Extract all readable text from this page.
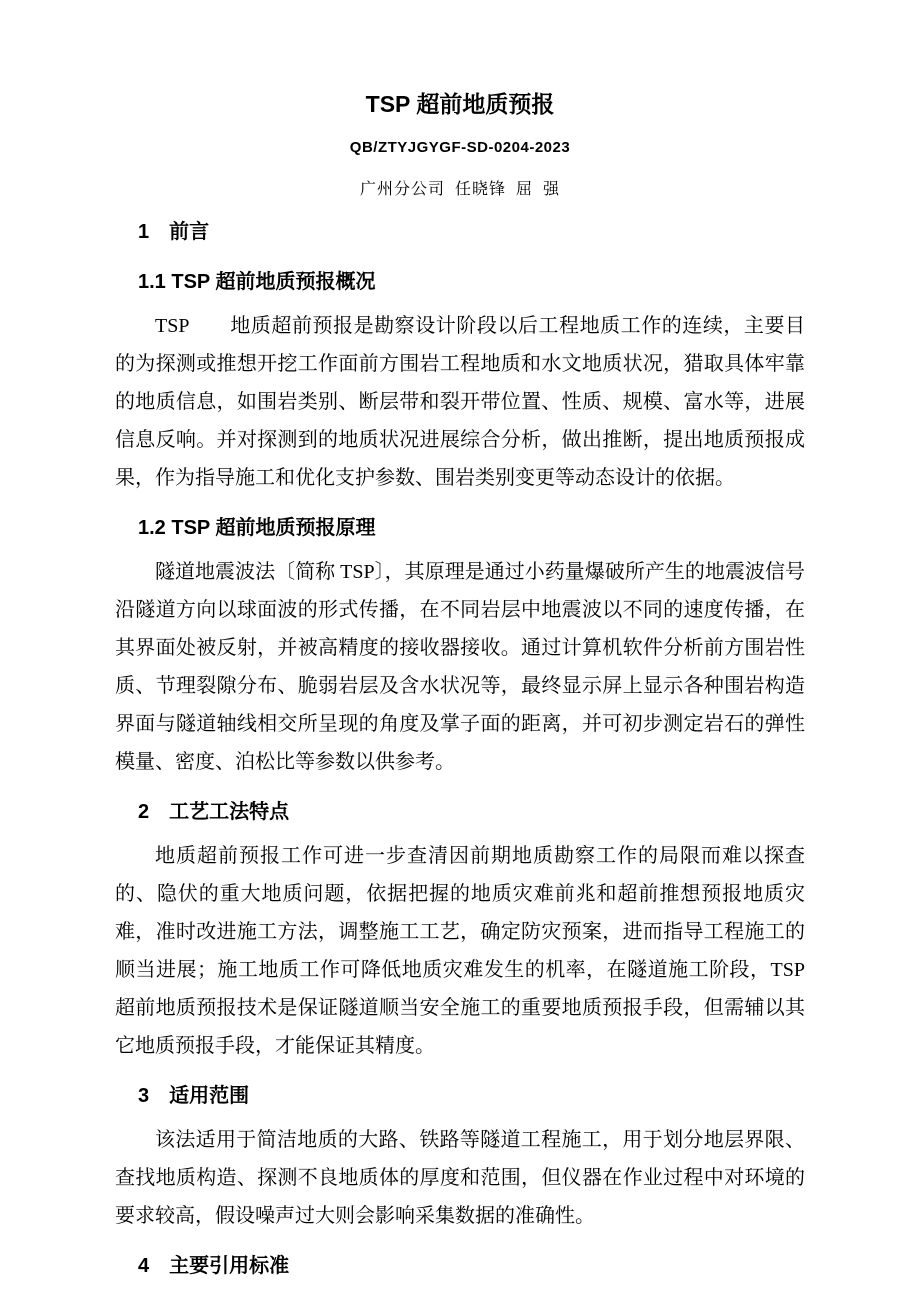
TSP 超前地质预报
QB/ZTYJGYGF-SD-0204-2023
广州分公司  任晓锋  屈  强
1　前言
1.1 TSP 超前地质预报概况

TSP　　地质超前预报是勘察设计阶段以后工程地质工作的连续，主要目的为探测或推想开挖工作面前方围岩工程地质和水文地质状况，猎取具体牢靠的地质信息，如围岩类别、断层带和裂开带位置、性质、规模、富水等，进展信息反响。并对探测到的地质状况进展综合分析，做出推断，提出地质预报成果，作为指导施工和优化支护参数、围岩类别变更等动态设计的依据。

1.2 TSP 超前地质预报原理

隧道地震波法〔简称 TSP〕，其原理是通过小药量爆破所产生的地震波信号沿隧道方向以球面波的形式传播，在不同岩层中地震波以不同的速度传播，在其界面处被反射，并被高精度的接收器接收。通过计算机软件分析前方围岩性质、节理裂隙分布、脆弱岩层及含水状况等，最终显示屏上显示各种围岩构造界面与隧道轴线相交所呈现的角度及掌子面的距离，并可初步测定岩石的弹性模量、密度、泊松比等参数以供参考。

2　工艺工法特点

地质超前预报工作可进一步查清因前期地质勘察工作的局限而难以探查的、隐伏的重大地质问题，依据把握的地质灾难前兆和超前推想预报地质灾难，准时改进施工方法，调整施工工艺，确定防灾预案，进而指导工程施工的顺当进展；施工地质工作可降低地质灾难发生的机率，在隧道施工阶段，TSP 超前地质预报技术是保证隧道顺当安全施工的重要地质预报手段，但需辅以其它地质预报手段，才能保证其精度。

3　适用范围

该法适用于简洁地质的大路、铁路等隧道工程施工，用于划分地层界限、查找地质构造、探测不良地质体的厚度和范围，但仪器在作业过程中对环境的要求较高，假设噪声过大则会影响采集数据的准确性。

4　主要引用标准
